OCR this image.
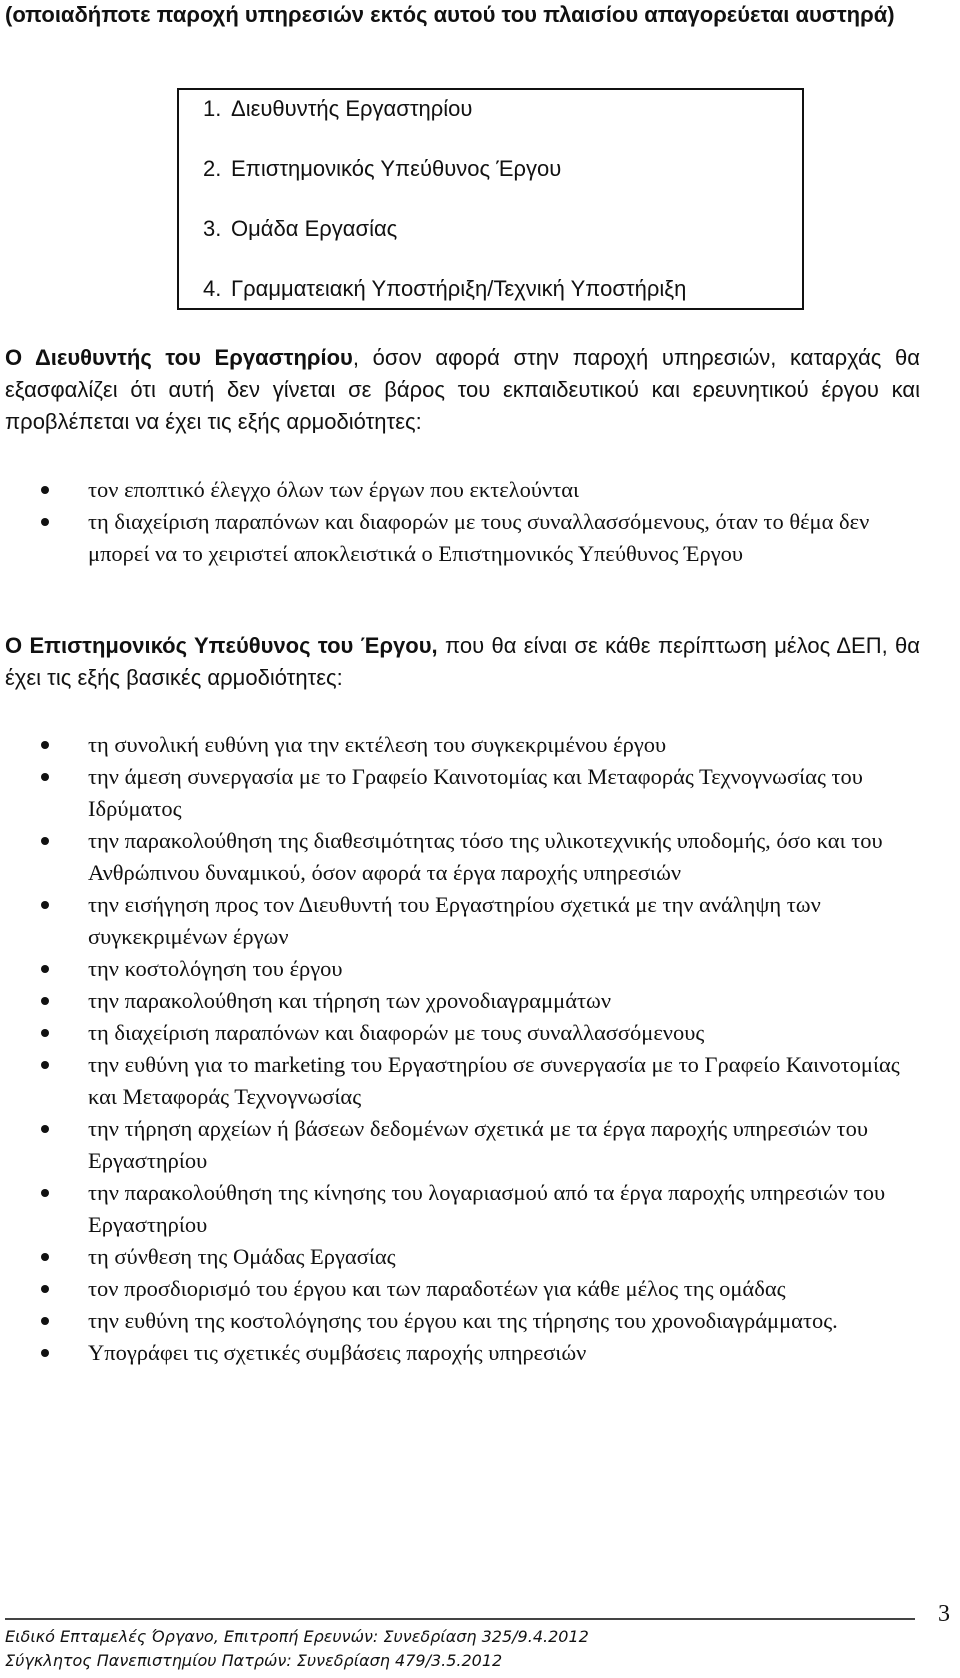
(οποιαδήποτε παροχή υπηρεσιών εκτός αυτού του πλαισίου απαγορεύεται αυστηρά)
1. Διευθυντής Εργαστηρίου
2. Επιστημονικός Υπεύθυνος Έργου
3. Ομάδα Εργασίας
4. Γραμματειακή Υποστήριξη/Τεχνική Υποστήριξη

Ο Διευθυντής του Εργαστηρίου, όσον αφορά στην παροχή υπηρεσιών, καταρχάς θα εξασφαλίζει ότι αυτή δεν γίνεται σε βάρος του εκπαιδευτικού και ερευνητικού έργου και προβλέπεται να έχει τις εξής αρμοδιότητες:

τον εποπτικό έλεγχο όλων των έργων που εκτελούνται
τη διαχείριση παραπόνων και διαφορών με τους συναλλασσόμενους, όταν το θέμα δεν μπορεί να το χειριστεί αποκλειστικά ο Επιστημονικός Υπεύθυνος Έργου

Ο Επιστημονικός Υπεύθυνος του Έργου, που θα είναι σε κάθε περίπτωση μέλος ΔΕΠ, θα έχει τις εξής βασικές αρμοδιότητες:

τη συνολική ευθύνη για την εκτέλεση του συγκεκριμένου έργου
την άμεση συνεργασία με το Γραφείο Καινοτομίας και Μεταφοράς Τεχνογνωσίας του Ιδρύματος
την παρακολούθηση της διαθεσιμότητας τόσο της υλικοτεχνικής υποδομής, όσο και του Ανθρώπινου δυναμικού, όσον αφορά τα έργα παροχής υπηρεσιών
την εισήγηση προς τον Διευθυντή του Εργαστηρίου σχετικά με την ανάληψη των συγκεκριμένων έργων
την κοστολόγηση του έργου
την παρακολούθηση και τήρηση των χρονοδιαγραμμάτων
τη διαχείριση παραπόνων και διαφορών με τους συναλλασσόμενους
την ευθύνη για το marketing του Εργαστηρίου σε συνεργασία με το Γραφείο Καινοτομίας και Μεταφοράς Τεχνογνωσίας
την τήρηση αρχείων ή βάσεων δεδομένων σχετικά με τα έργα παροχής υπηρεσιών του Εργαστηρίου
την παρακολούθηση της κίνησης του λογαριασμού από τα έργα παροχής υπηρεσιών του Εργαστηρίου
τη σύνθεση της Ομάδας Εργασίας
τον προσδιορισμό του έργου και των παραδοτέων για κάθε μέλος της ομάδας
την ευθύνη της κοστολόγησης του έργου και της τήρησης του χρονοδιαγράμματος.
Υπογράφει τις σχετικές συμβάσεις παροχής υπηρεσιών
3
Ειδικό Επταμελές Όργανο, Επιτροπή Ερευνών: Συνεδρίαση 325/9.4.2012
Σύγκλητος Πανεπιστημίου Πατρών: Συνεδρίαση 479/3.5.2012
